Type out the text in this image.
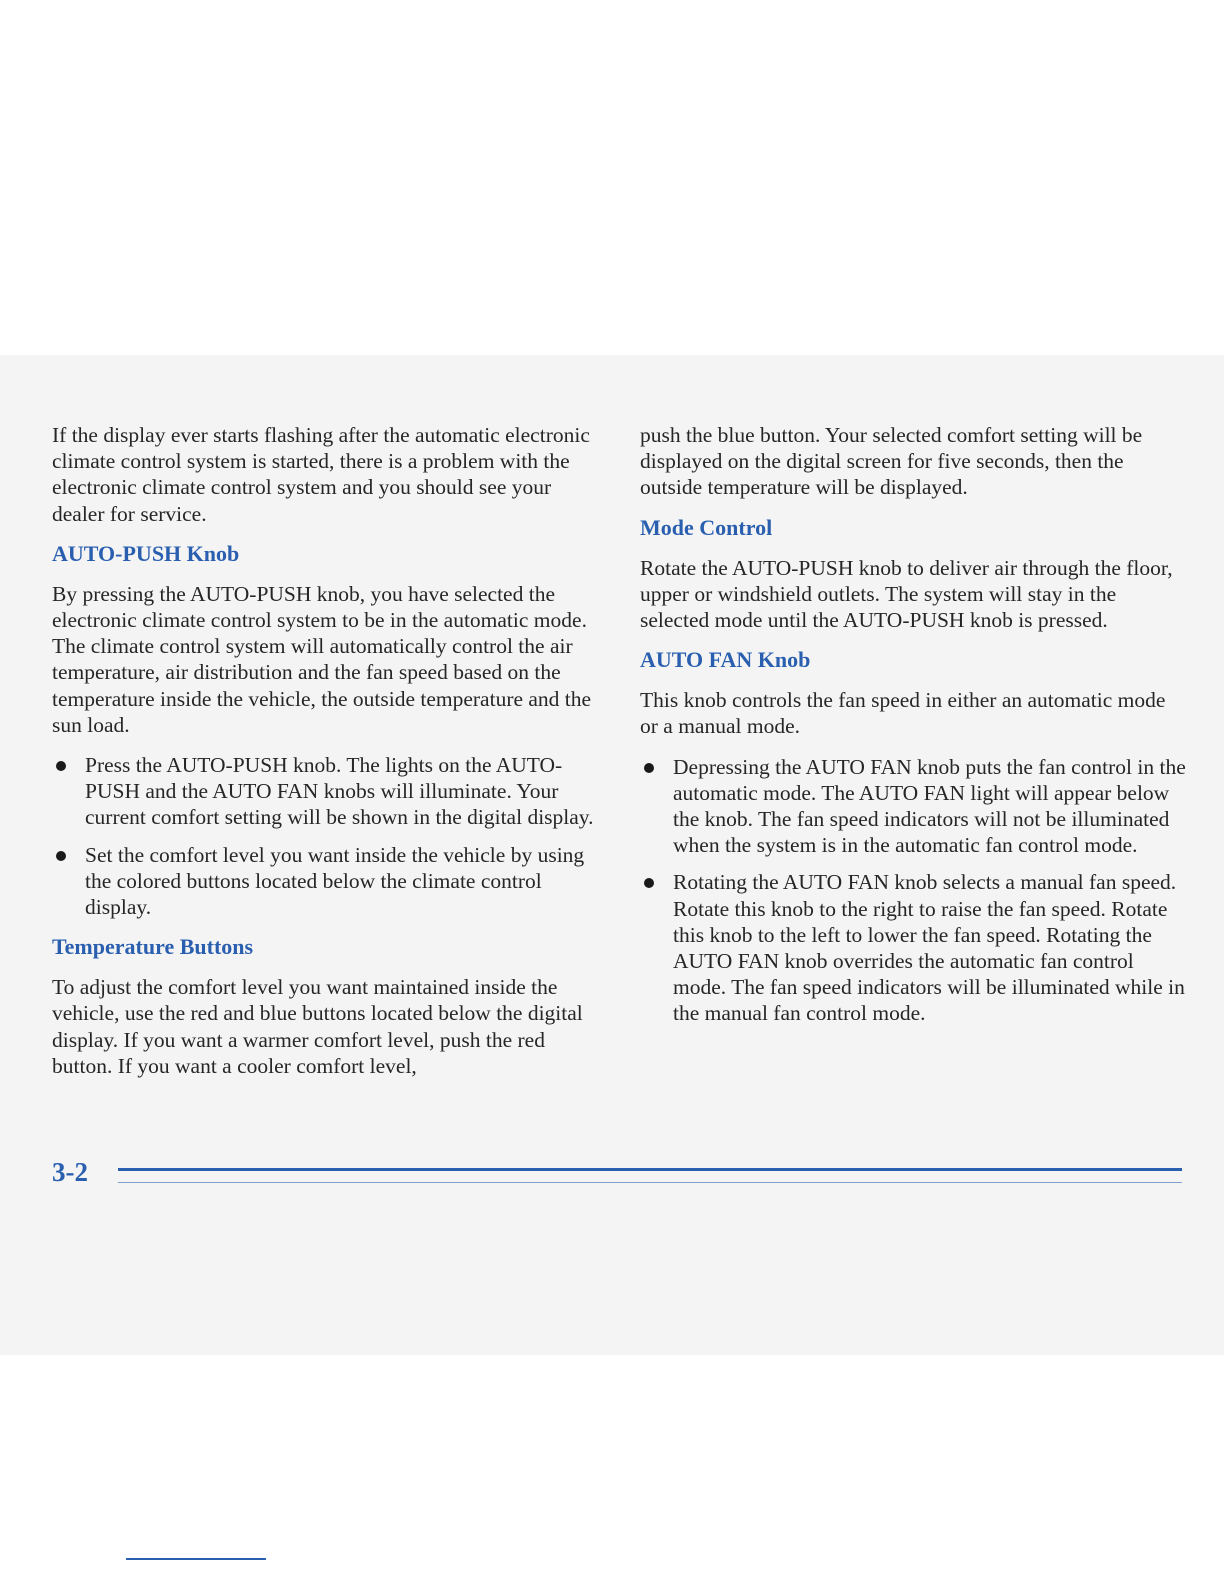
If the display ever starts flashing after the automatic electronic climate control system is started, there is a problem with the electronic climate control system and you should see your dealer for service.

AUTO-PUSH Knob

By pressing the AUTO-PUSH knob, you have selected the electronic climate control system to be in the automatic mode. The climate control system will automatically control the air temperature, air distribution and the fan speed based on the temperature inside the vehicle, the outside temperature and the sun load.

Press the AUTO-PUSH knob. The lights on the AUTO-PUSH and the AUTO FAN knobs will illuminate. Your current comfort setting will be shown in the digital display.
Set the comfort level you want inside the vehicle by using the colored buttons located below the climate control display.
Temperature Buttons

To adjust the comfort level you want maintained inside the vehicle, use the red and blue buttons located below the digital display. If you want a warmer comfort level, push the red button. If you want a cooler comfort level,

push the blue button. Your selected comfort setting will be displayed on the digital screen for five seconds, then the outside temperature will be displayed.

Mode Control

Rotate the AUTO-PUSH knob to deliver air through the floor, upper or windshield outlets. The system will stay in the selected mode until the AUTO-PUSH knob is pressed.

AUTO FAN Knob

This knob controls the fan speed in either an automatic mode or a manual mode.

Depressing the AUTO FAN knob puts the fan control in the automatic mode. The AUTO FAN light will appear below the knob. The fan speed indicators will not be illuminated when the system is in the automatic fan control mode.
Rotating the AUTO FAN knob selects a manual fan speed. Rotate this knob to the right to raise the fan speed. Rotate this knob to the left to lower the fan speed. Rotating the AUTO FAN knob overrides the automatic fan control mode. The fan speed indicators will be illuminated while in the manual fan control mode.
3-2
